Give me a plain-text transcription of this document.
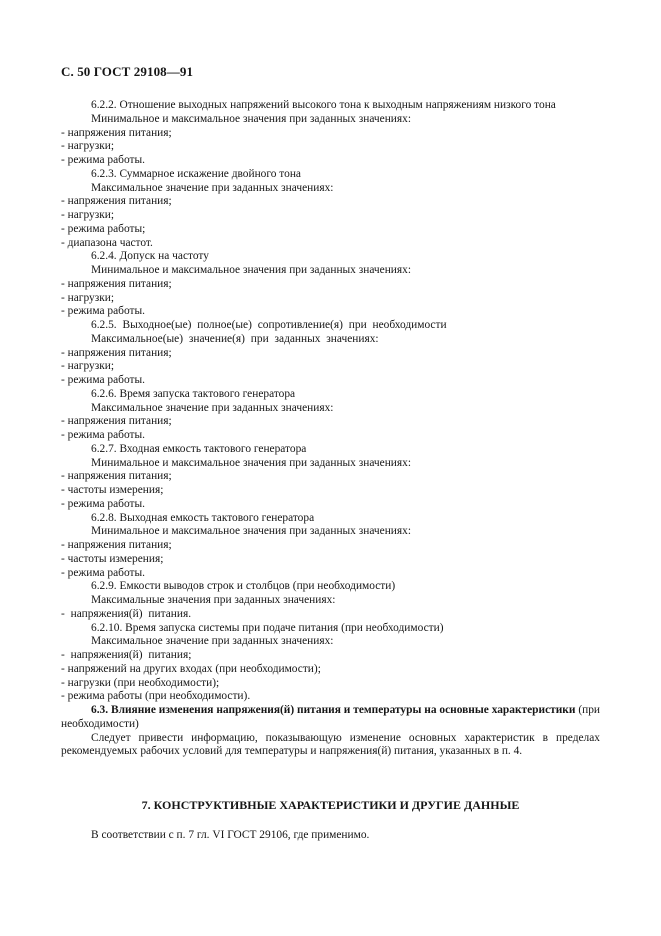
С. 50 ГОСТ 29108—91
6.2.2. Отношение выходных напряжений высокого тона к выходным напряжениям низкого тона
Минимальное и максимальное значения при заданных значениях:
- напряжения питания;
- нагрузки;
- режима работы.
6.2.3. Суммарное искажение двойного тона
Максимальное значение при заданных значениях:
- напряжения питания;
- нагрузки;
- режима работы;
- диапазона частот.
6.2.4. Допуск на частоту
Минимальное и максимальное значения при заданных значениях:
- напряжения питания;
- нагрузки;
- режима работы.
6.2.5. Выходное(ые) полное(ые) сопротивление(я) при необходимости
Максимальное(ые) значение(я) при заданных значениях:
- напряжения питания;
- нагрузки;
- режима работы.
6.2.6. Время запуска тактового генератора
Максимальное значение при заданных значениях:
- напряжения питания;
- режима работы.
6.2.7. Входная емкость тактового генератора
Минимальное и максимальное значения при заданных значениях:
- напряжения питания;
- частоты измерения;
- режима работы.
6.2.8. Выходная емкость тактового генератора
Минимальное и максимальное значения при заданных значениях:
- напряжения питания;
- частоты измерения;
- режима работы.
6.2.9. Емкости выводов строк и столбцов (при необходимости)
Максимальные значения при заданных значениях:
- напряжения(й) питания.
6.2.10. Время запуска системы при подаче питания (при необходимости)
Максимальное значение при заданных значениях:
- напряжения(й) питания;
- напряжений на других входах (при необходимости);
- нагрузки (при необходимости);
- режима работы (при необходимости).
6.3. Влияние изменения напряжения(й) питания и температуры на основные характеристики (при необходимости)
Следует привести информацию, показывающую изменение основных характеристик в пределах рекомендуемых рабочих условий для температуры и напряжения(й) питания, указанных в п. 4.
7. КОНСТРУКТИВНЫЕ ХАРАКТЕРИСТИКИ И ДРУГИЕ ДАННЫЕ
В соответствии с п. 7 гл. VI ГОСТ 29106, где применимо.
